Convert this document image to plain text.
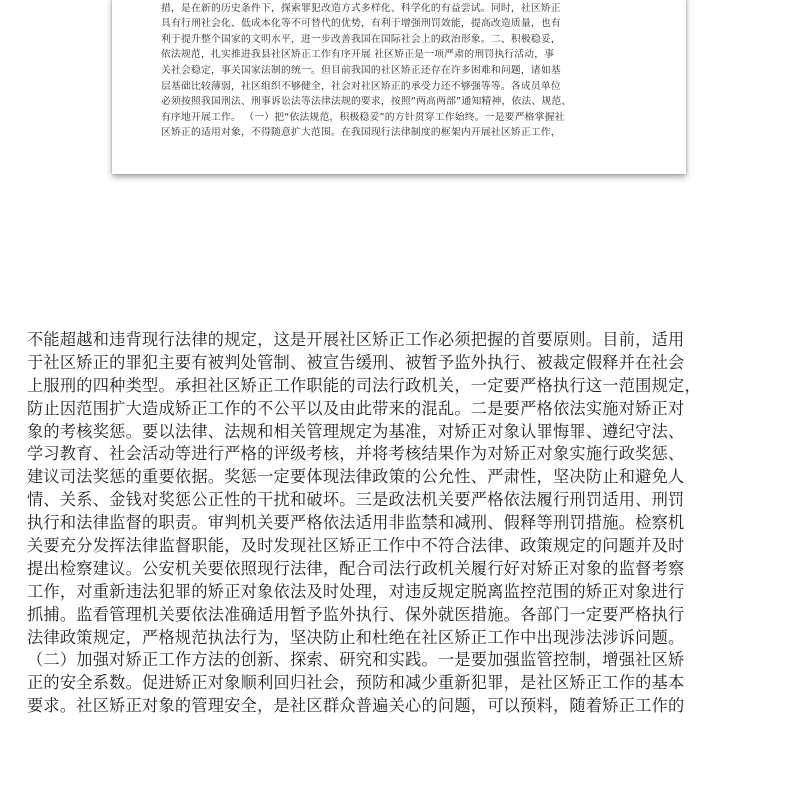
措，是在新的历史条件下，探索罪犯改造方式多样化、科学化的有益尝试。同时，社区矫正
具有行刑社会化、低成本化等不可替代的优势，有利于增强刑罚效能，提高改造质量，也有
利于提升整个国家的文明水平，进一步改善我国在国际社会上的政治形象。二、积极稳妥，
依法规范，扎实推进我县社区矫正工作有序开展 社区矫正是一项严肃的刑罚执行活动，事
关社会稳定，事关国家法制的统一。但目前我国的社区矫正还存在许多困难和问题，诸如基
层基础比较薄弱，社区组织不够健全，社会对社区矫正的承受力还不够强等等。各成员单位
必须按照我国刑法、刑事诉讼法等法律法规的要求，按照“两高两部”通知精神，依法、规范、
有序地开展工作。 （一）把“依法规范，积极稳妥”的方针贯穿工作始终。一是要严格掌握社
区矫正的适用对象，不得随意扩大范围。在我国现行法律制度的框架内开展社区矫正工作，
不能超越和违背现行法律的规定，这是开展社区矫正工作必须把握的首要原则。目前，适用
于社区矫正的罪犯主要有被判处管制、被宣告缓刑、被暂予监外执行、被裁定假释并在社会
上服刑的四种类型。承担社区矫正工作职能的司法行政机关，一定要严格执行这一范围规定，
防止因范围扩大造成矫正工作的不公平以及由此带来的混乱。二是要严格依法实施对矫正对
象的考核奖惩。要以法律、法规和相关管理规定为基准，对矫正对象认罪悔罪、遵纪守法、
学习教育、社会活动等进行严格的评级考核，并将考核结果作为对矫正对象实施行政奖惩、
建议司法奖惩的重要依据。奖惩一定要体现法律政策的公允性、严肃性，坚决防止和避免人
情、关系、金钱对奖惩公正性的干扰和破坏。三是政法机关要严格依法履行刑罚适用、刑罚
执行和法律监督的职责。审判机关要严格依法适用非监禁和减刑、假释等刑罚措施。检察机
关要充分发挥法律监督职能，及时发现社区矫正工作中不符合法律、政策规定的问题并及时
提出检察建议。公安机关要依照现行法律，配合司法行政机关履行好对矫正对象的监督考察
工作，对重新违法犯罪的矫正对象依法及时处理，对违反规定脱离监控范围的矫正对象进行
抓捕。监看管理机关要依法准确适用暂予监外执行、保外就医措施。各部门一定要严格执行
法律政策规定，严格规范执法行为，坚决防止和杜绝在社区矫正工作中出现涉法涉诉问题。
（二）加强对矫正工作方法的创新、探索、研究和实践。一是要加强监管控制，增强社区矫
正的安全系数。促进矫正对象顺利回归社会，预防和减少重新犯罪，是社区矫正工作的基本
要求。社区矫正对象的管理安全，是社区群众普遍关心的问题，可以预料，随着矫正工作的
